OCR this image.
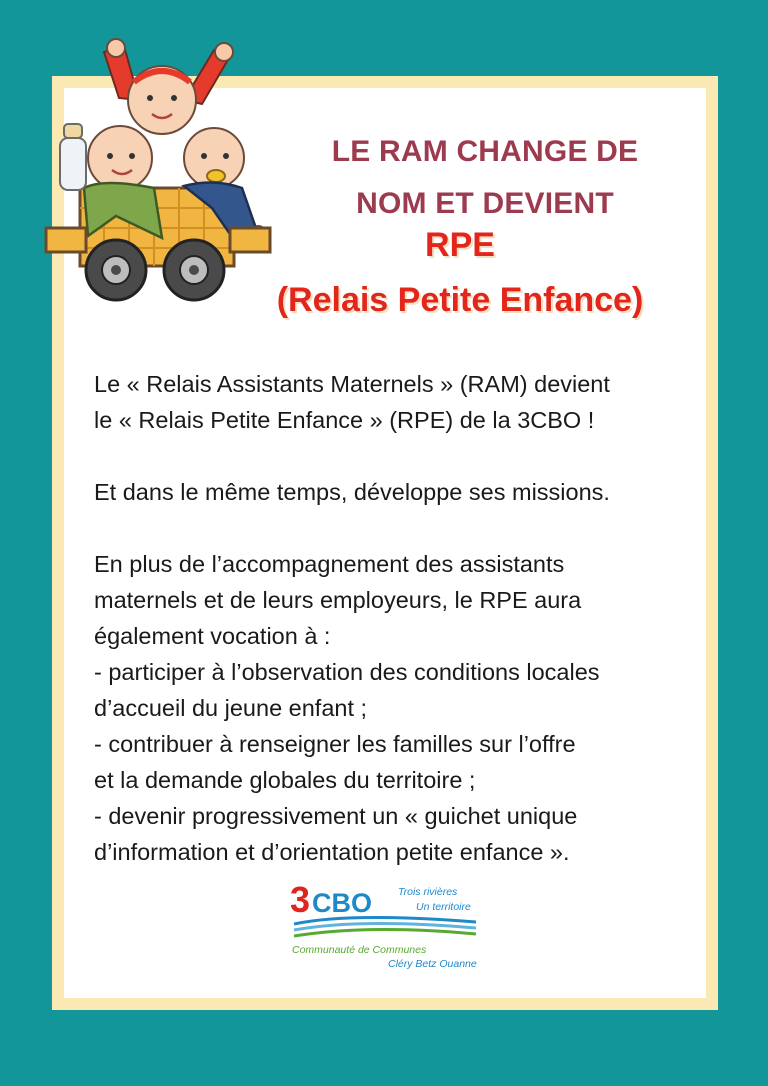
LE RAM CHANGE DE
NOM ET DEVIENT
RPE
(Relais Petite Enfance)

Le « Relais Assistants Maternels » (RAM) devient
le « Relais Petite Enfance » (RPE) de la 3CBO !

Et dans le même temps, développe ses missions.

En plus de l’accompagnement des assistants
maternels et de leurs employeurs, le RPE aura
également vocation à :
- participer à l’observation des conditions locales
d’accueil du jeune enfant ;
- contribuer à renseigner les familles sur l’offre
et la demande globales du territoire ;
- devenir progressivement un « guichet unique
d’information et d’orientation petite enfance ».

3 CBO Trois rivières
Un territoire
Communauté de Communes
Cléry Betz Ouanne
